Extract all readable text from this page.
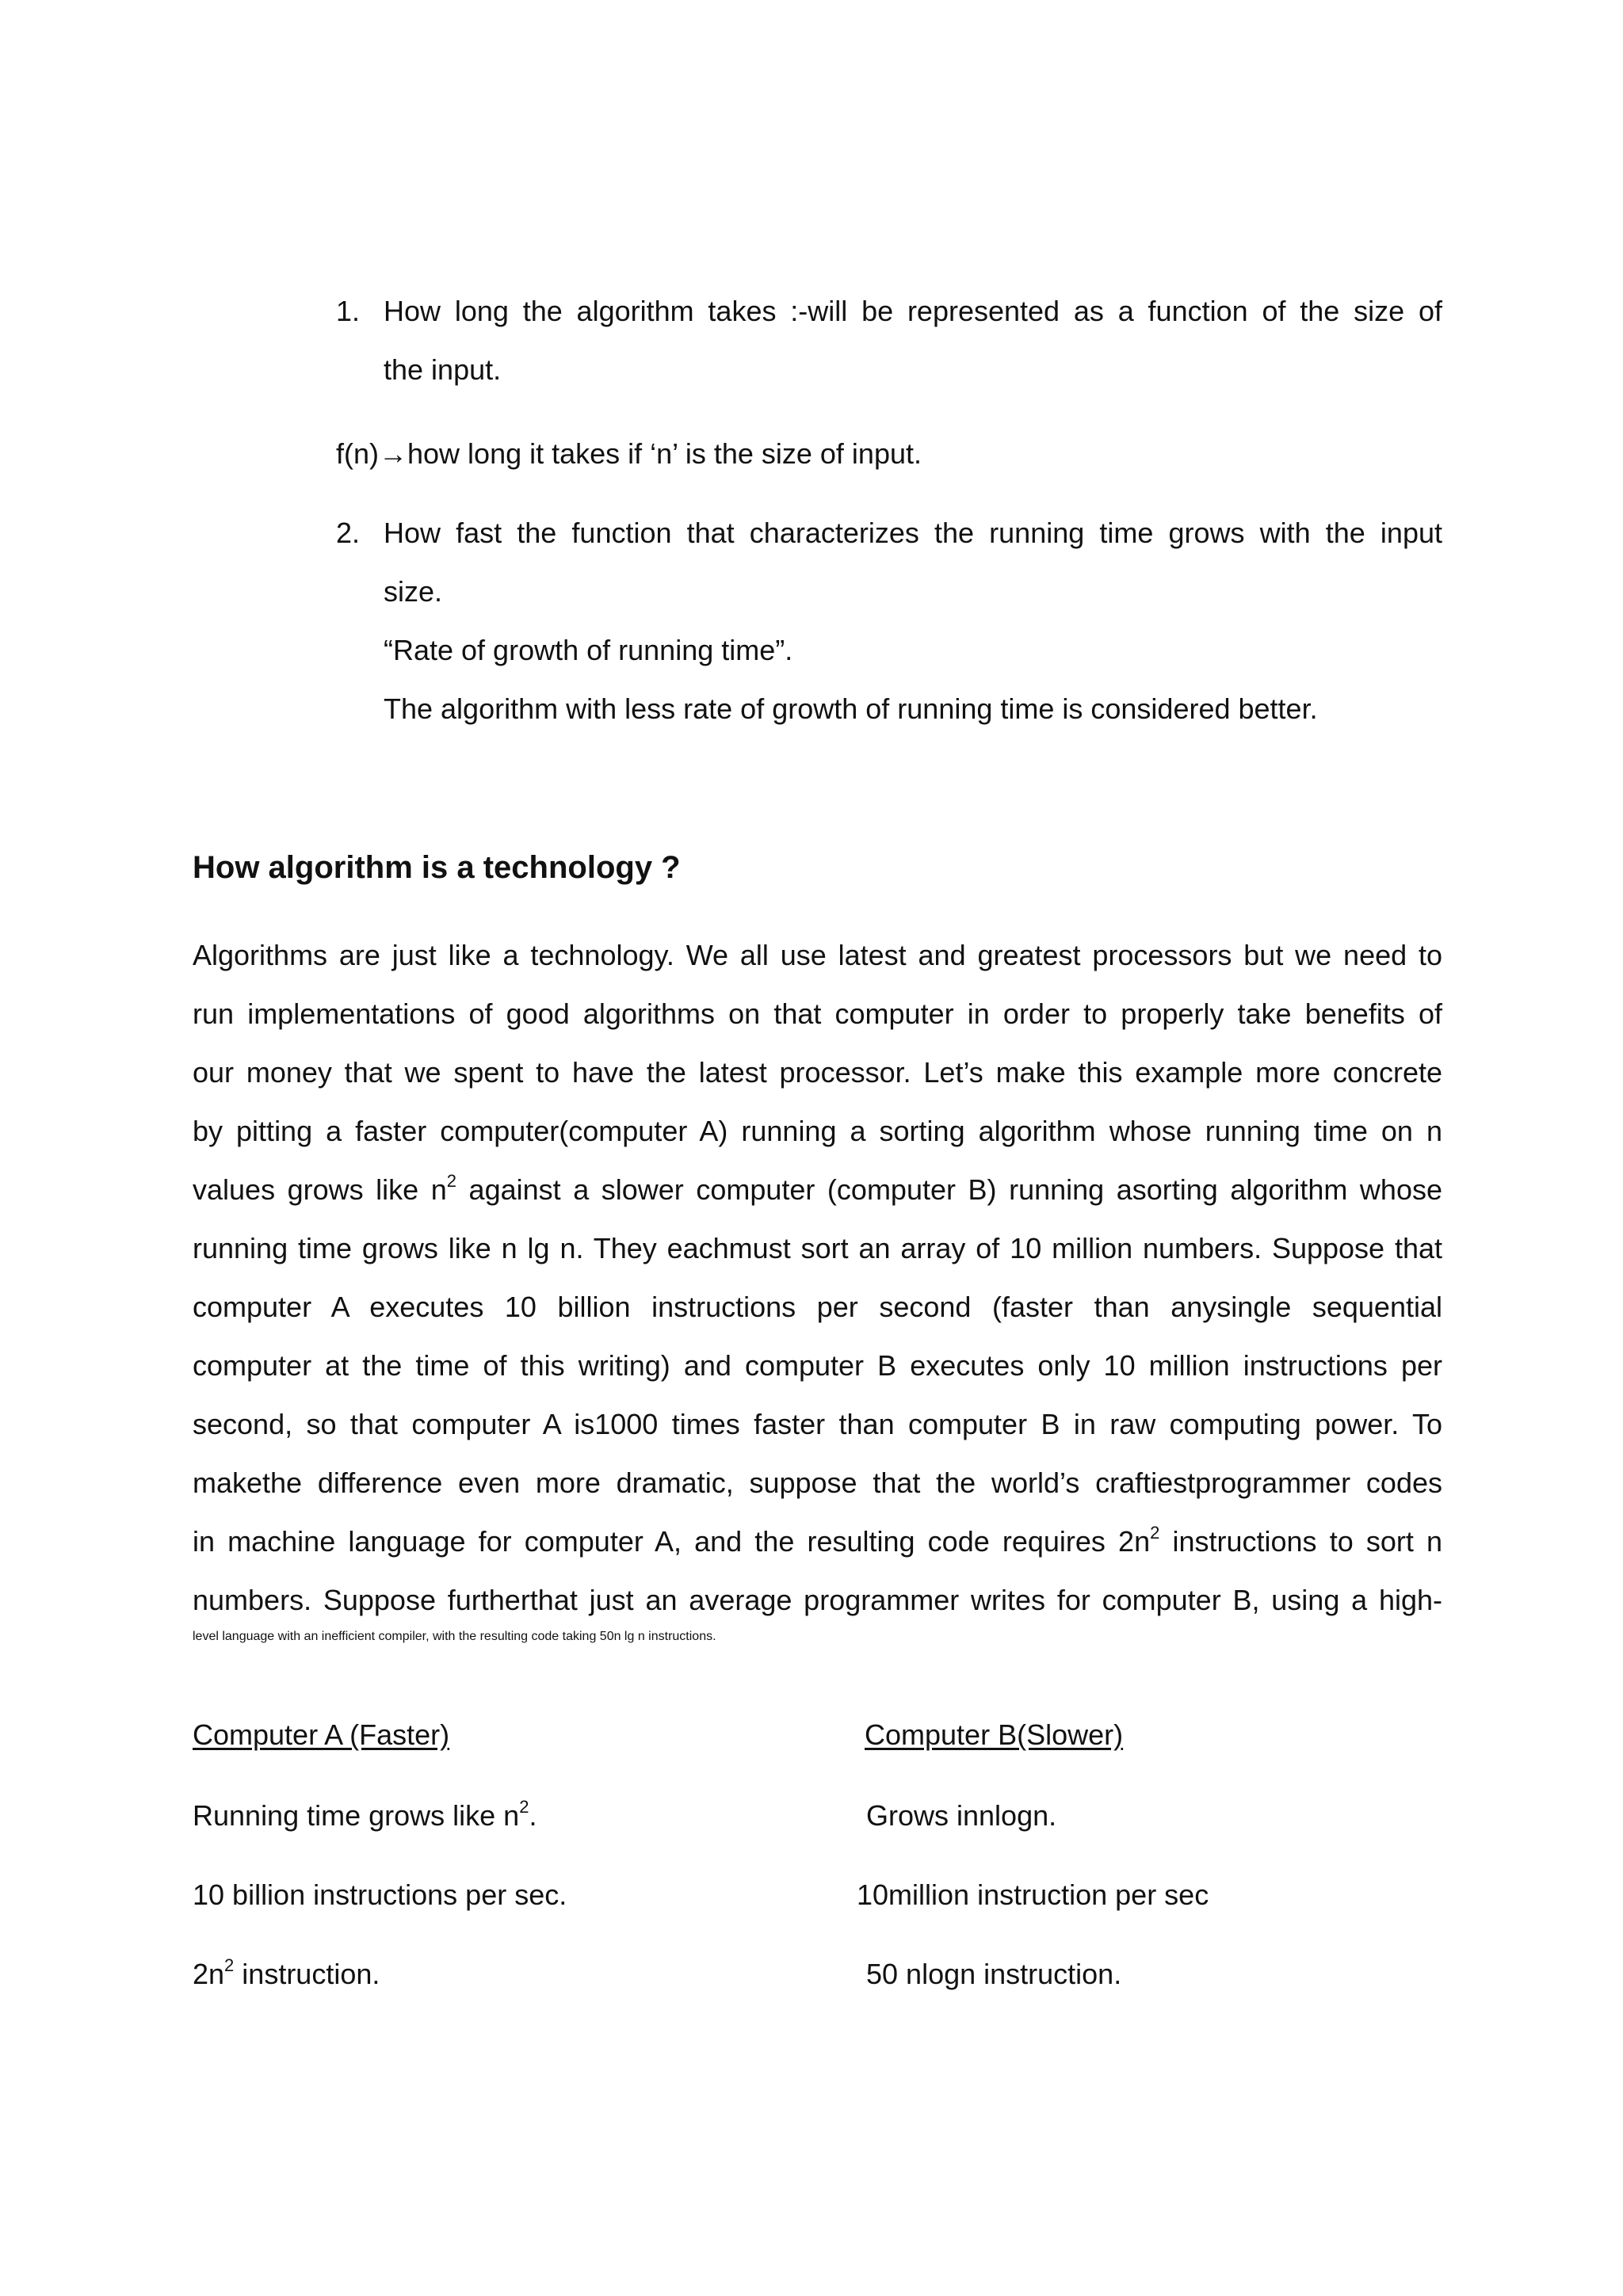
1. How long the algorithm takes :-will be represented as a function of the size of
the input.
f(n)→how long it takes if ‘n’ is the size of input.
2. How fast the function that characterizes the running time grows with the input
size.
“Rate of growth of running time”.
The algorithm with less rate of growth of running time is considered better.
How algorithm is a technology ?
Algorithms are just like a technology. We all use latest and greatest processors but we need to
run implementations of good algorithms on that computer in order to properly take benefits of
our money that we spent to have the latest processor. Let’s make this example more concrete
by pitting a faster computer(computer A) running a sorting algorithm whose running time on n
values grows like $n^2$ against a slower computer (computer B) running asorting algorithm whose
running time grows like n lg n. They eachmust sort an array of 10 million numbers. Suppose that
computer A executes 10 billion instructions per second (faster than anysingle sequential
computer at the time of this writing) and computer B executes only 10 million instructions per
second, so that computer A is1000 times faster than computer B in raw computing power. To
makethe difference even more dramatic, suppose that the world’s craftiestprogrammer codes
in machine language for computer A, and the resulting code requires $2n^2$ instructions to sort n
numbers. Suppose furtherthat just an average programmer writes for computer B, using a high-
level language with an inefficient compiler, with the resulting code taking 50n lg n instructions.
Computer A (Faster)	Computer B(Slower)
Running time grows like $n^2$.	Grows innlogn.
10 billion instructions per sec.	10million instruction per sec
$2n^2$ instruction.	50 nlogn instruction.
